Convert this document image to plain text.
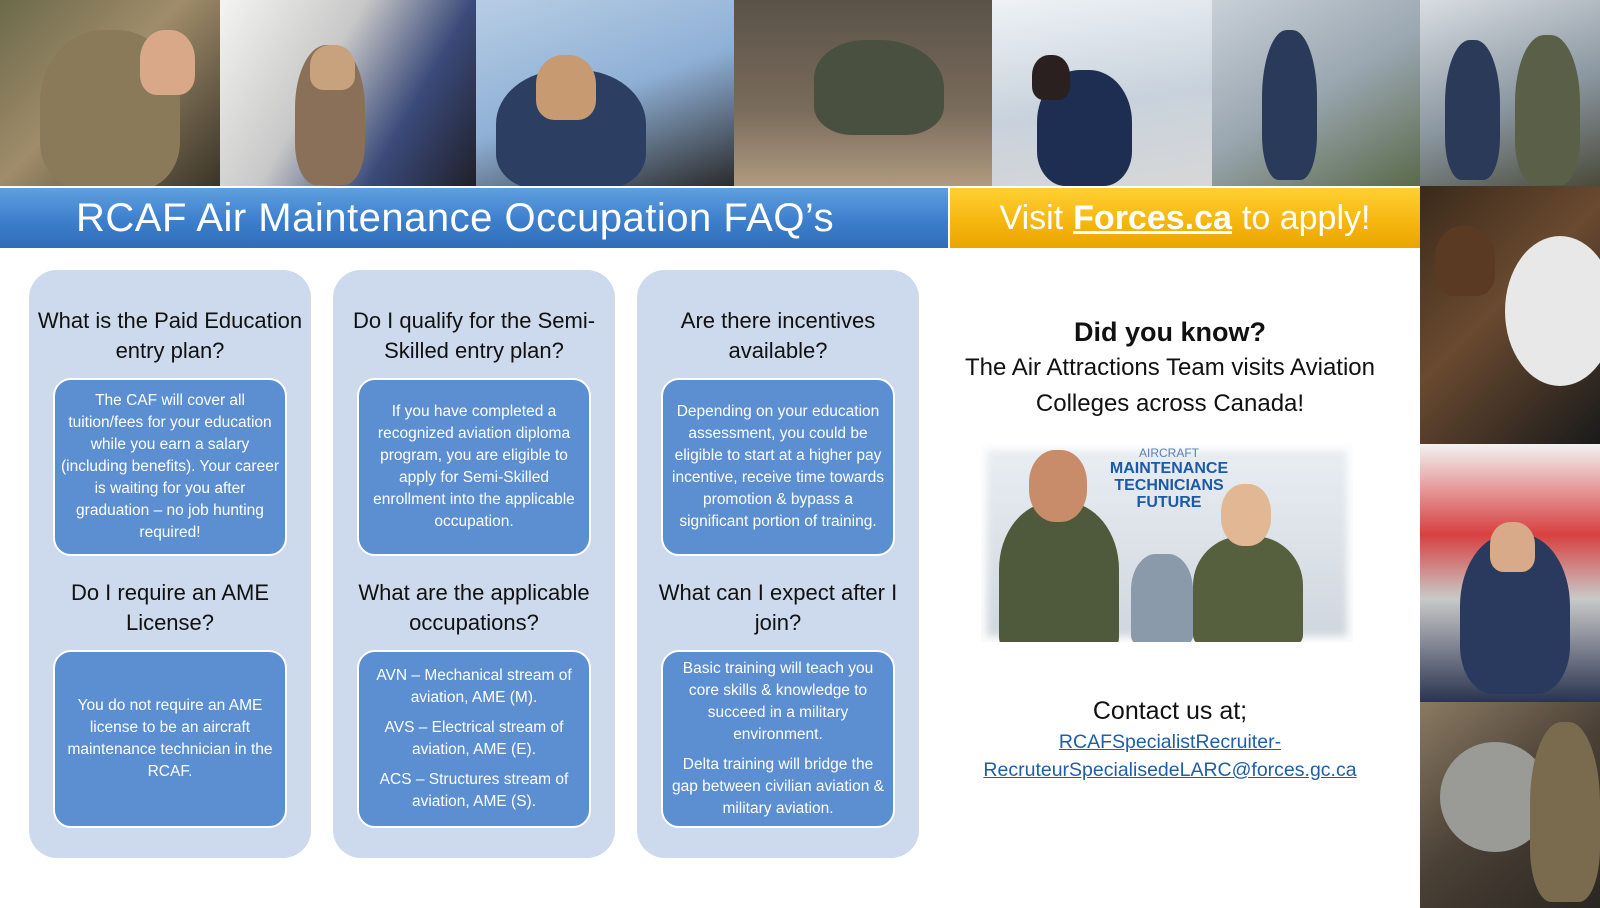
RCAF Air Maintenance Occupation FAQ’s	Visit Forces.ca to apply!
What is the Paid Education entry plan?

The CAF will cover all tuition/fees for your education while you earn a salary (including benefits). Your career is waiting for you after graduation – no job hunting required!

Do I require an AME License?

You do not require an AME license to be an aircraft maintenance technician in the RCAF.

Do I qualify for the Semi-Skilled entry plan?

If you have completed a recognized aviation diploma program, you are eligible to apply for Semi-Skilled enrollment into the applicable occupation.

What are the applicable occupations?

AVN – Mechanical stream of aviation, AME (M).

AVS – Electrical stream of aviation, AME (E).

ACS – Structures stream of aviation, AME (S).

Are there incentives available?

Depending on your education assessment, you could be eligible to start at a higher pay incentive, receive time towards promotion & bypass a significant portion of training.

What can I expect after I join?

Basic training will teach you core skills & knowledge to succeed in a military environment.

Delta training will bridge the gap between civilian aviation & military aviation.

Did you know?
The Air Attractions Team visits Aviation Colleges across Canada!
AIRCRAFT
MAINTENANCE
TECHNICIANS
FUTURE
Contact us at;
RCAFSpecialistRecruiter-
RecruteurSpecialisedeLARC@forces.gc.ca
